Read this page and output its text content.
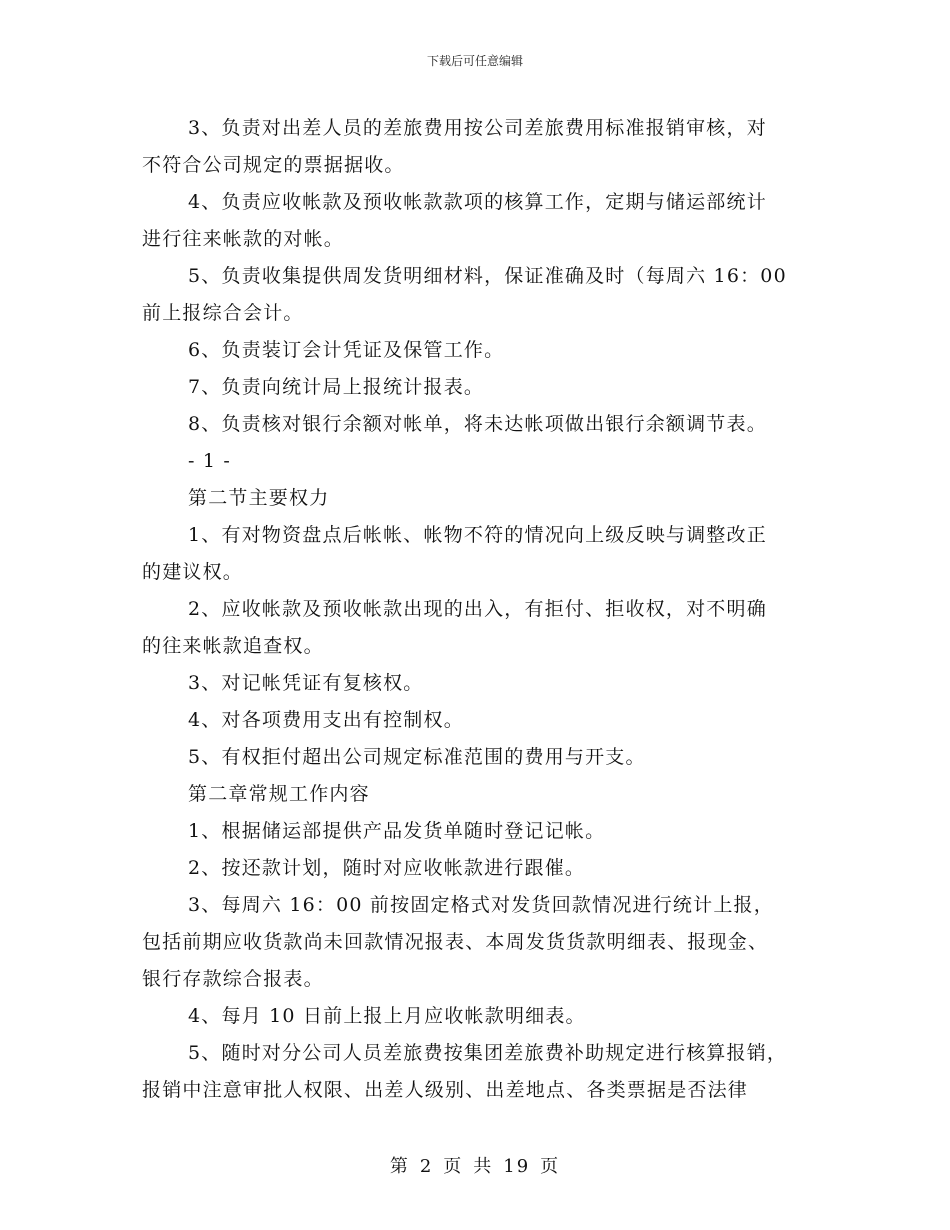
下载后可任意编辑
3、负责对出差人员的差旅费用按公司差旅费用标准报销审核，对
不符合公司规定的票据据收。
4、负责应收帐款及预收帐款款项的核算工作，定期与储运部统计
进行往来帐款的对帐。
5、负责收集提供周发货明细材料，保证准确及时（每周六 16：00
前上报综合会计。
6、负责装订会计凭证及保管工作。
7、负责向统计局上报统计报表。
8、负责核对银行余额对帐单，将未达帐项做出银行余额调节表。
- 1 -
第二节主要权力
1、有对物资盘点后帐帐、帐物不符的情况向上级反映与调整改正
的建议权。
2、应收帐款及预收帐款出现的出入，有拒付、拒收权，对不明确
的往来帐款追查权。
3、对记帐凭证有复核权。
4、对各项费用支出有控制权。
5、有权拒付超出公司规定标准范围的费用与开支。
第二章常规工作内容
1、根据储运部提供产品发货单随时登记记帐。
2、按还款计划，随时对应收帐款进行跟催。
3、每周六 16：00 前按固定格式对发货回款情况进行统计上报，
包括前期应收货款尚未回款情况报表、本周发货货款明细表、报现金、
银行存款综合报表。
4、每月 10 日前上报上月应收帐款明细表。
5、随时对分公司人员差旅费按集团差旅费补助规定进行核算报销，
报销中注意审批人权限、出差人级别、出差地点、各类票据是否法律
第 2 页 共 19 页
